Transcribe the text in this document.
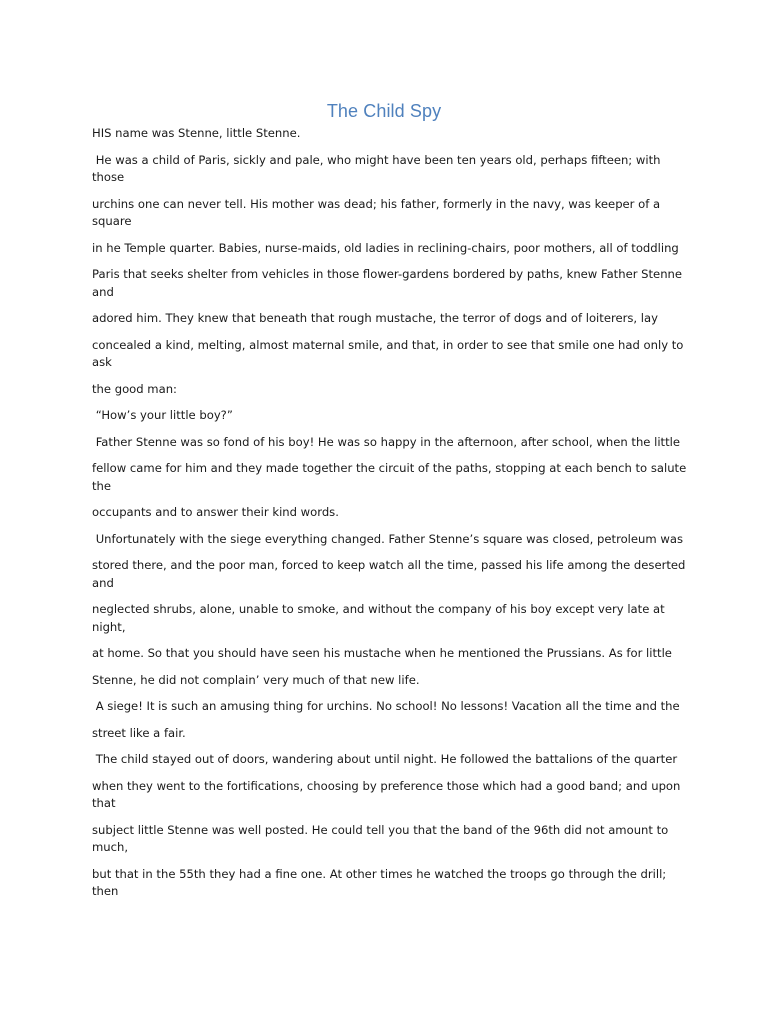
The Child Spy

HIS name was Stenne, little Stenne.

He was a child of Paris, sickly and pale, who might have been ten years old, perhaps fifteen; with those

urchins one can never tell. His mother was dead; his father, formerly in the navy, was keeper of a square

in he Temple quarter. Babies, nurse-maids, old ladies in reclining-chairs, poor mothers, all of toddling

Paris that seeks shelter from vehicles in those flower-gardens bordered by paths, knew Father Stenne and

adored him. They knew that beneath that rough mustache, the terror of dogs and of loiterers, lay

concealed a kind, melting, almost maternal smile, and that, in order to see that smile one had only to ask

the good man:

“How’s your little boy?”

Father Stenne was so fond of his boy! He was so happy in the afternoon, after school, when the little

fellow came for him and they made together the circuit of the paths, stopping at each bench to salute the

occupants and to answer their kind words.

Unfortunately with the siege everything changed. Father Stenne’s square was closed, petroleum was

stored there, and the poor man, forced to keep watch all the time, passed his life among the deserted and

neglected shrubs, alone, unable to smoke, and without the company of his boy except very late at night,

at home. So that you should have seen his mustache when he mentioned the Prussians. As for little

Stenne, he did not complain’ very much of that new life.

A siege! It is such an amusing thing for urchins. No school! No lessons! Vacation all the time and the

street like a fair.

The child stayed out of doors, wandering about until night. He followed the battalions of the quarter

when they went to the fortifications, choosing by preference those which had a good band; and upon that

subject little Stenne was well posted. He could tell you that the band of the 96th did not amount to much,

but that in the 55th they had a fine one. At other times he watched the troops go through the drill; then
